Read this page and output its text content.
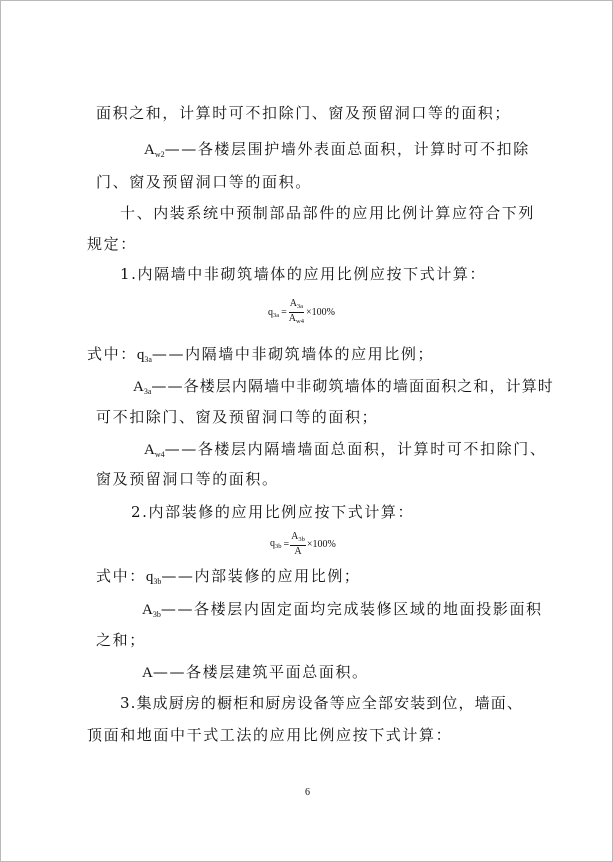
面积之和，计算时可不扣除门、窗及预留洞口等的面积；
$A_{w2}——$各楼层围护墙外表面总面积，计算时可不扣除
门、窗及预留洞口等的面积。
十、内装系统中预制部品部件的应用比例计算应符合下列
规定：
1.内隔墙中非砌筑墙体的应用比例应按下式计算：
$q_{3a} = \frac{A_{3a}}{A_{w4}} \times 100\%$
式中：$q_{3a}——$内隔墙中非砌筑墙体的应用比例；
$A_{3a}——$各楼层内隔墙中非砌筑墙体的墙面面积之和，计算时
可不扣除门、窗及预留洞口等的面积；
$A_{w4}——$各楼层内隔墙墙面总面积，计算时可不扣除门、
窗及预留洞口等的面积。
2.内部装修的应用比例应按下式计算：
$q_{3b} = \frac{A_{3b}}{A} \times 100\%$
式中：$q_{3b}——$内部装修的应用比例；
$A_{3b}——$各楼层内固定面均完成装修区域的地面投影面积
之和；
A——各楼层建筑平面总面积。
3.集成厨房的橱柜和厨房设备等应全部安装到位，墙面、
顶面和地面中干式工法的应用比例应按下式计算：
6
